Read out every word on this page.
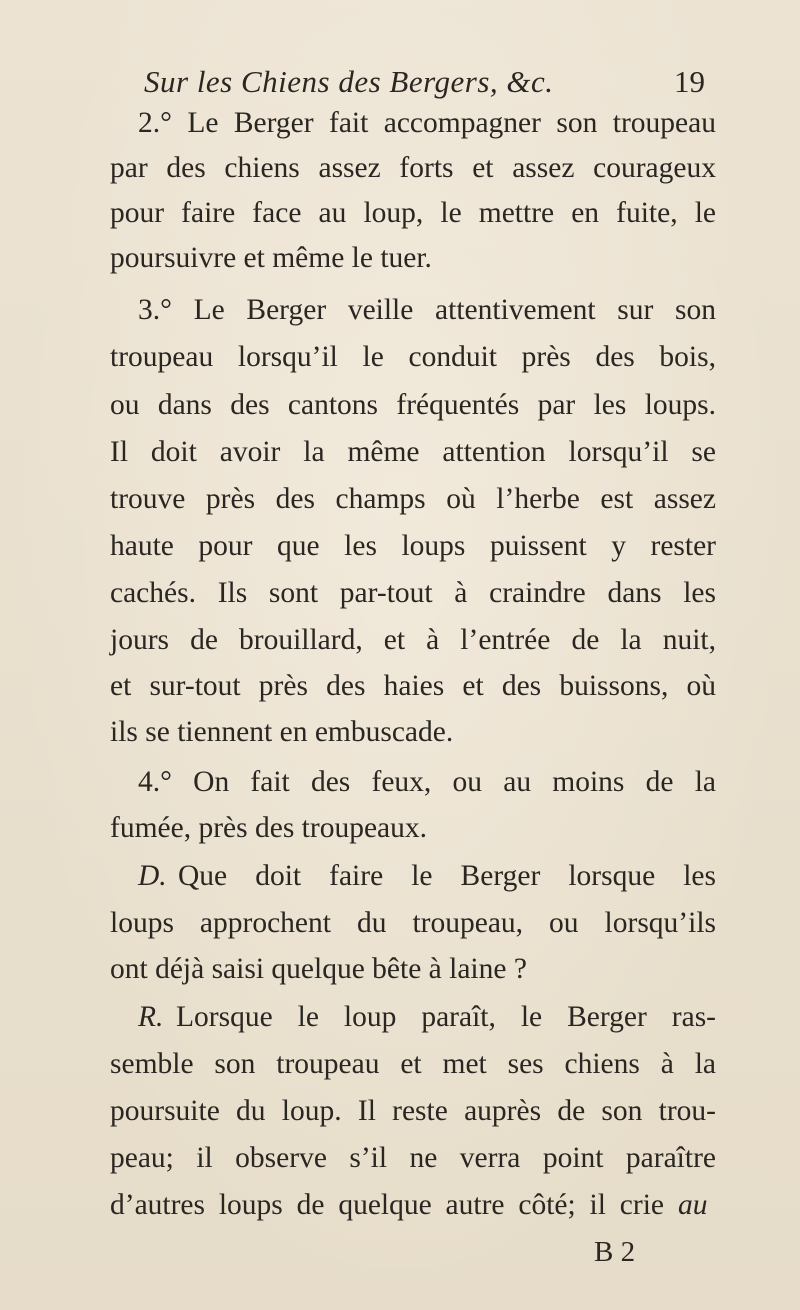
Sur les Chiens des Bergers, &c.	19
2.° Le Berger fait accompagner son troupeau
par des chiens assez forts et assez courageux
pour faire face au loup, le mettre en fuite, le
poursuivre et même le tuer.
3.° Le Berger veille attentivement sur son
troupeau lorsqu’il le conduit près des bois,
ou dans des cantons fréquentés par les loups.
Il doit avoir la même attention lorsqu’il se
trouve près des champs où l’herbe est assez
haute pour que les loups puissent y rester
cachés. Ils sont par-tout à craindre dans les
jours de brouillard, et à l’entrée de la nuit,
et sur-tout près des haies et des buissons, où
ils se tiennent en embuscade.
4.° On fait des feux, ou au moins de la
fumée, près des troupeaux.
D. Que doit faire le Berger lorsque les
loups approchent du troupeau, ou lorsqu’ils
ont déjà saisi quelque bête à laine ?
R. Lorsque le loup paraît, le Berger ras-
semble son troupeau et met ses chiens à la
poursuite du loup. Il reste auprès de son trou-
peau; il observe s’il ne verra point paraître
d’autres loups de quelque autre côté; il crie au
B 2
